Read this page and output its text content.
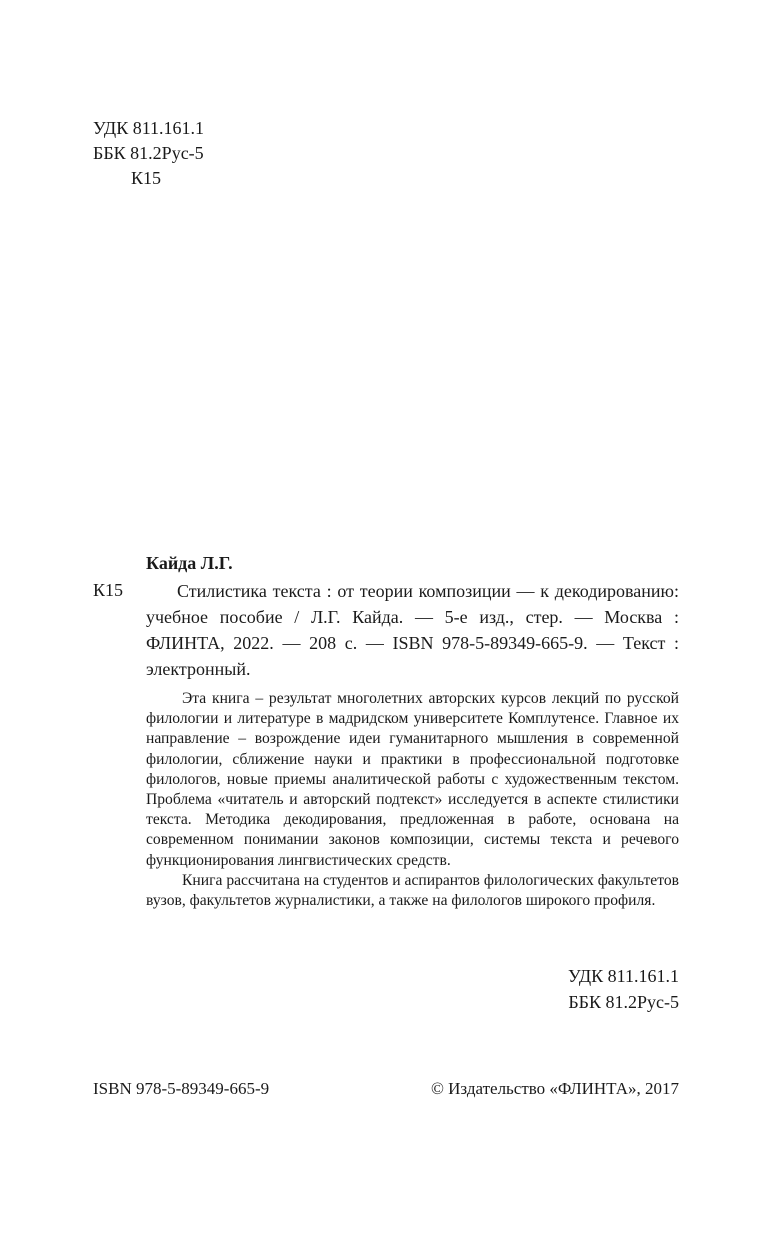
УДК 811.161.1
ББК 81.2Рус-5
К15
Кайда Л.Г.
К15	Стилистика текста : от теории композиции — к декодированию: учебное пособие / Л.Г. Кайда. — 5-е изд., стер. — Москва : ФЛИНТА, 2022. — 208 с. — ISBN 978-5-89349-665-9. — Текст : электронный.

Эта книга – результат многолетних авторских курсов лекций по русской филологии и литературе в мадридском университете Комплутенсе. Главное их направление – возрождение идеи гуманитарного мышления в современной филологии, сближение науки и практики в профессиональной подготовке филологов, новые приемы аналитической работы с художественным текстом. Проблема «читатель и авторский подтекст» исследуется в аспекте стилистики текста. Методика декодирования, предложенная в работе, основана на современном понимании законов композиции, системы текста и речевого функционирования лингвистических средств.

Книга рассчитана на студентов и аспирантов филологических факультетов вузов, факультетов журналистики, а также на филологов широкого профиля.

УДК 811.161.1
ББК 81.2Рус-5
ISBN 978-5-89349-665-9	© Издательство «ФЛИНТА», 2017
